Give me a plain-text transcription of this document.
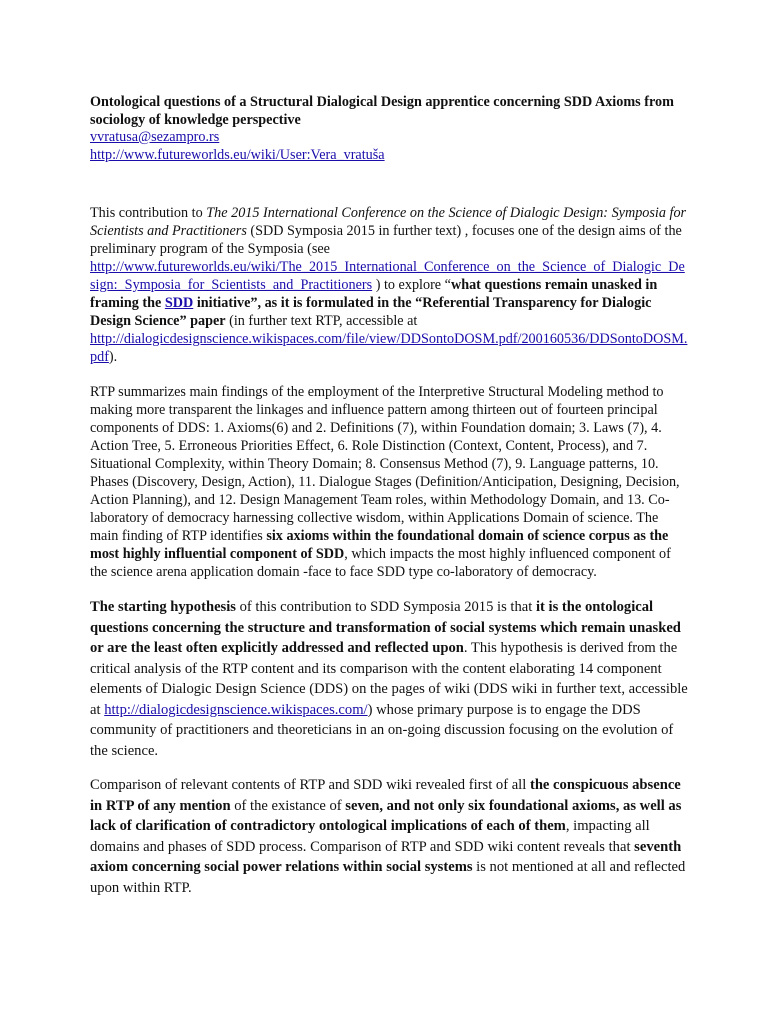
Ontological questions of a Structural Dialogical Design apprentice concerning SDD Axioms from sociology of knowledge perspective

vvratusa@sezampro.rs
http://www.futureworlds.eu/wiki/User:Vera_vratuša

This contribution to The 2015 International Conference on the Science of Dialogic Design: Symposia for Scientists and Practitioners (SDD Symposia 2015 in further text) , focuses one of the design aims of the preliminary program of the Symposia (see http://www.futureworlds.eu/wiki/The_2015_International_Conference_on_the_Science_of_Dialogic_Design:_Symposia_for_Scientists_and_Practitioners ) to explore “what questions remain unasked in framing the SDD initiative”, as it is formulated in the “Referential Transparency for Dialogic Design Science” paper (in further text RTP, accessible at http://dialogicdesignscience.wikispaces.com/file/view/DDSontoDOSM.pdf/200160536/DDSontoDOSM.pdf).

RTP summarizes main findings of the employment of the Interpretive Structural Modeling method to making more transparent the linkages and influence pattern among thirteen out of fourteen principal components of DDS: 1. Axioms(6) and 2. Definitions (7), within Foundation domain; 3. Laws (7), 4. Action Tree, 5. Erroneous Priorities Effect, 6. Role Distinction (Context, Content, Process), and 7. Situational Complexity, within Theory Domain; 8. Consensus Method (7), 9. Language patterns, 10. Phases (Discovery, Design, Action), 11. Dialogue Stages (Definition/Anticipation, Designing, Decision, Action Planning), and 12. Design Management Team roles, within Methodology Domain, and 13. Co-laboratory of democracy harnessing collective wisdom, within Applications Domain of science. The main finding of RTP identifies six axioms within the foundational domain of science corpus as the most highly influential component of SDD, which impacts the most highly influenced component of the science arena application domain -face to face SDD type co-laboratory of democracy.

The starting hypothesis of this contribution to SDD Symposia 2015 is that it is the ontological questions concerning the structure and transformation of social systems which remain unasked or are the least often explicitly addressed and reflected upon. This hypothesis is derived from the critical analysis of the RTP content and its comparison with the content elaborating 14 component elements of Dialogic Design Science (DDS) on the pages of wiki (DDS wiki in further text, accessible at http://dialogicdesignscience.wikispaces.com/) whose primary purpose is to engage the DDS community of practitioners and theoreticians in an on-going discussion focusing on the evolution of the science.

Comparison of relevant contents of RTP and SDD wiki revealed first of all the conspicuous absence in RTP of any mention of the existance of seven, and not only six foundational axioms, as well as lack of clarification of contradictory ontological implications of each of them, impacting all domains and phases of SDD process. Comparison of RTP and SDD wiki content reveals that seventh axiom concerning social power relations within social systems is not mentioned at all and reflected upon within RTP.
